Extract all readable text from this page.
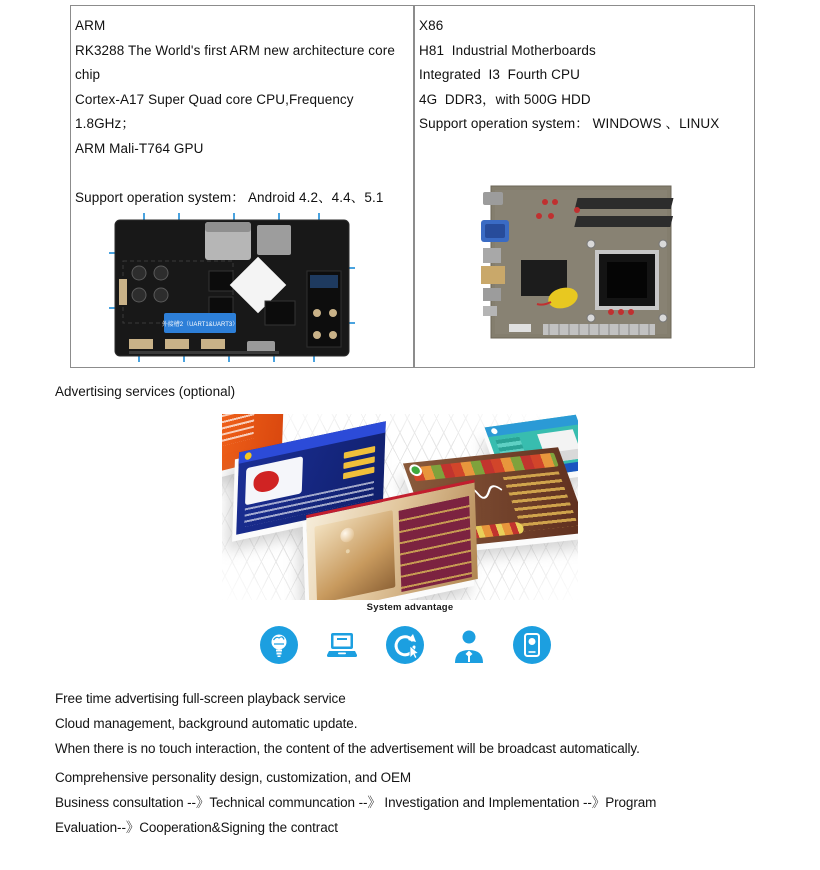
ARM
RK3288 The World's first ARM new architecture core
chip
Cortex-A17 Super Quad core CPU,Frequency
1.8GHz；
ARM Mali-T764 GPU
Support operation system： Android 4.2、4.4、5.1
外接槽2（UART1&UART3）
X86
H81  Industrial Motherboards
Integrated  I3  Fourth CPU
4G  DDR3，with 500G HDD
Support operation system： WINDOWS 、LINUX
Advertising services (optional)
System advantage
Free time advertising full-screen playback service
Cloud management, background automatic update.
When there is no touch interaction, the content of the advertisement will be broadcast automatically.
Comprehensive personality design, customization, and OEM
Business consultation --》Technical communcation --》 Investigation and Implementation --》Program
Evaluation--》Cooperation&Signing the contract
